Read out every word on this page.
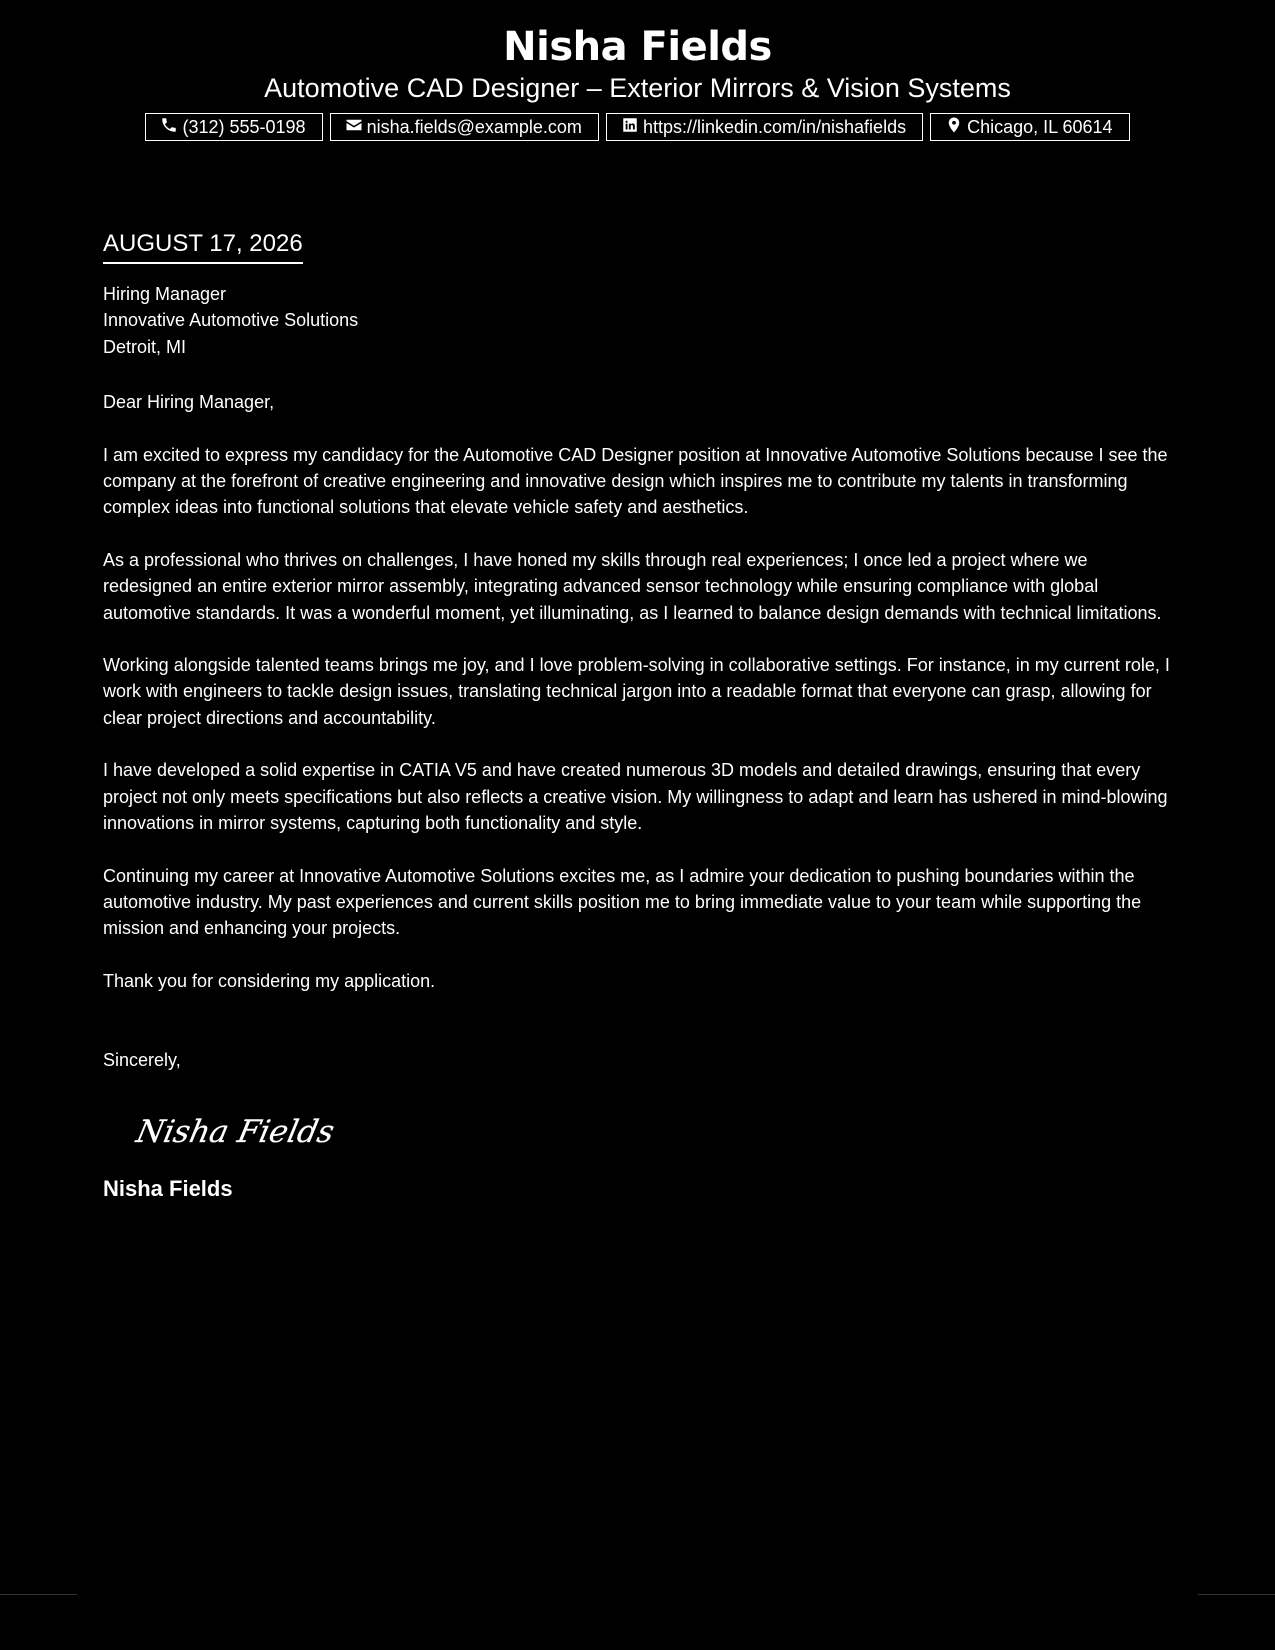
Nisha Fields

Automotive CAD Designer – Exterior Mirrors & Vision Systems

(312) 555-0198	nisha.fields@example.com	https://linkedin.com/in/nishafields	Chicago, IL 60614
AUGUST 17, 2026
Hiring Manager
Innovative Automotive Solutions
Detroit, MI
Dear Hiring Manager,
I am excited to express my candidacy for the Automotive CAD Designer position at Innovative Automotive Solutions because I see the company at the forefront of creative engineering and innovative design which inspires me to contribute my talents in transforming complex ideas into functional solutions that elevate vehicle safety and aesthetics.
As a professional who thrives on challenges, I have honed my skills through real experiences; I once led a project where we redesigned an entire exterior mirror assembly, integrating advanced sensor technology while ensuring compliance with global automotive standards. It was a wonderful moment, yet illuminating, as I learned to balance design demands with technical limitations.
Working alongside talented teams brings me joy, and I love problem-solving in collaborative settings. For instance, in my current role, I work with engineers to tackle design issues, translating technical jargon into a readable format that everyone can grasp, allowing for clear project directions and accountability.
I have developed a solid expertise in CATIA V5 and have created numerous 3D models and detailed drawings, ensuring that every project not only meets specifications but also reflects a creative vision. My willingness to adapt and learn has ushered in mind-blowing innovations in mirror systems, capturing both functionality and style.
Continuing my career at Innovative Automotive Solutions excites me, as I admire your dedication to pushing boundaries within the automotive industry. My past experiences and current skills position me to bring immediate value to your team while supporting the mission and enhancing your projects.
Thank you for considering my application.
Sincerely,
Nisha Fields
Nisha Fields
